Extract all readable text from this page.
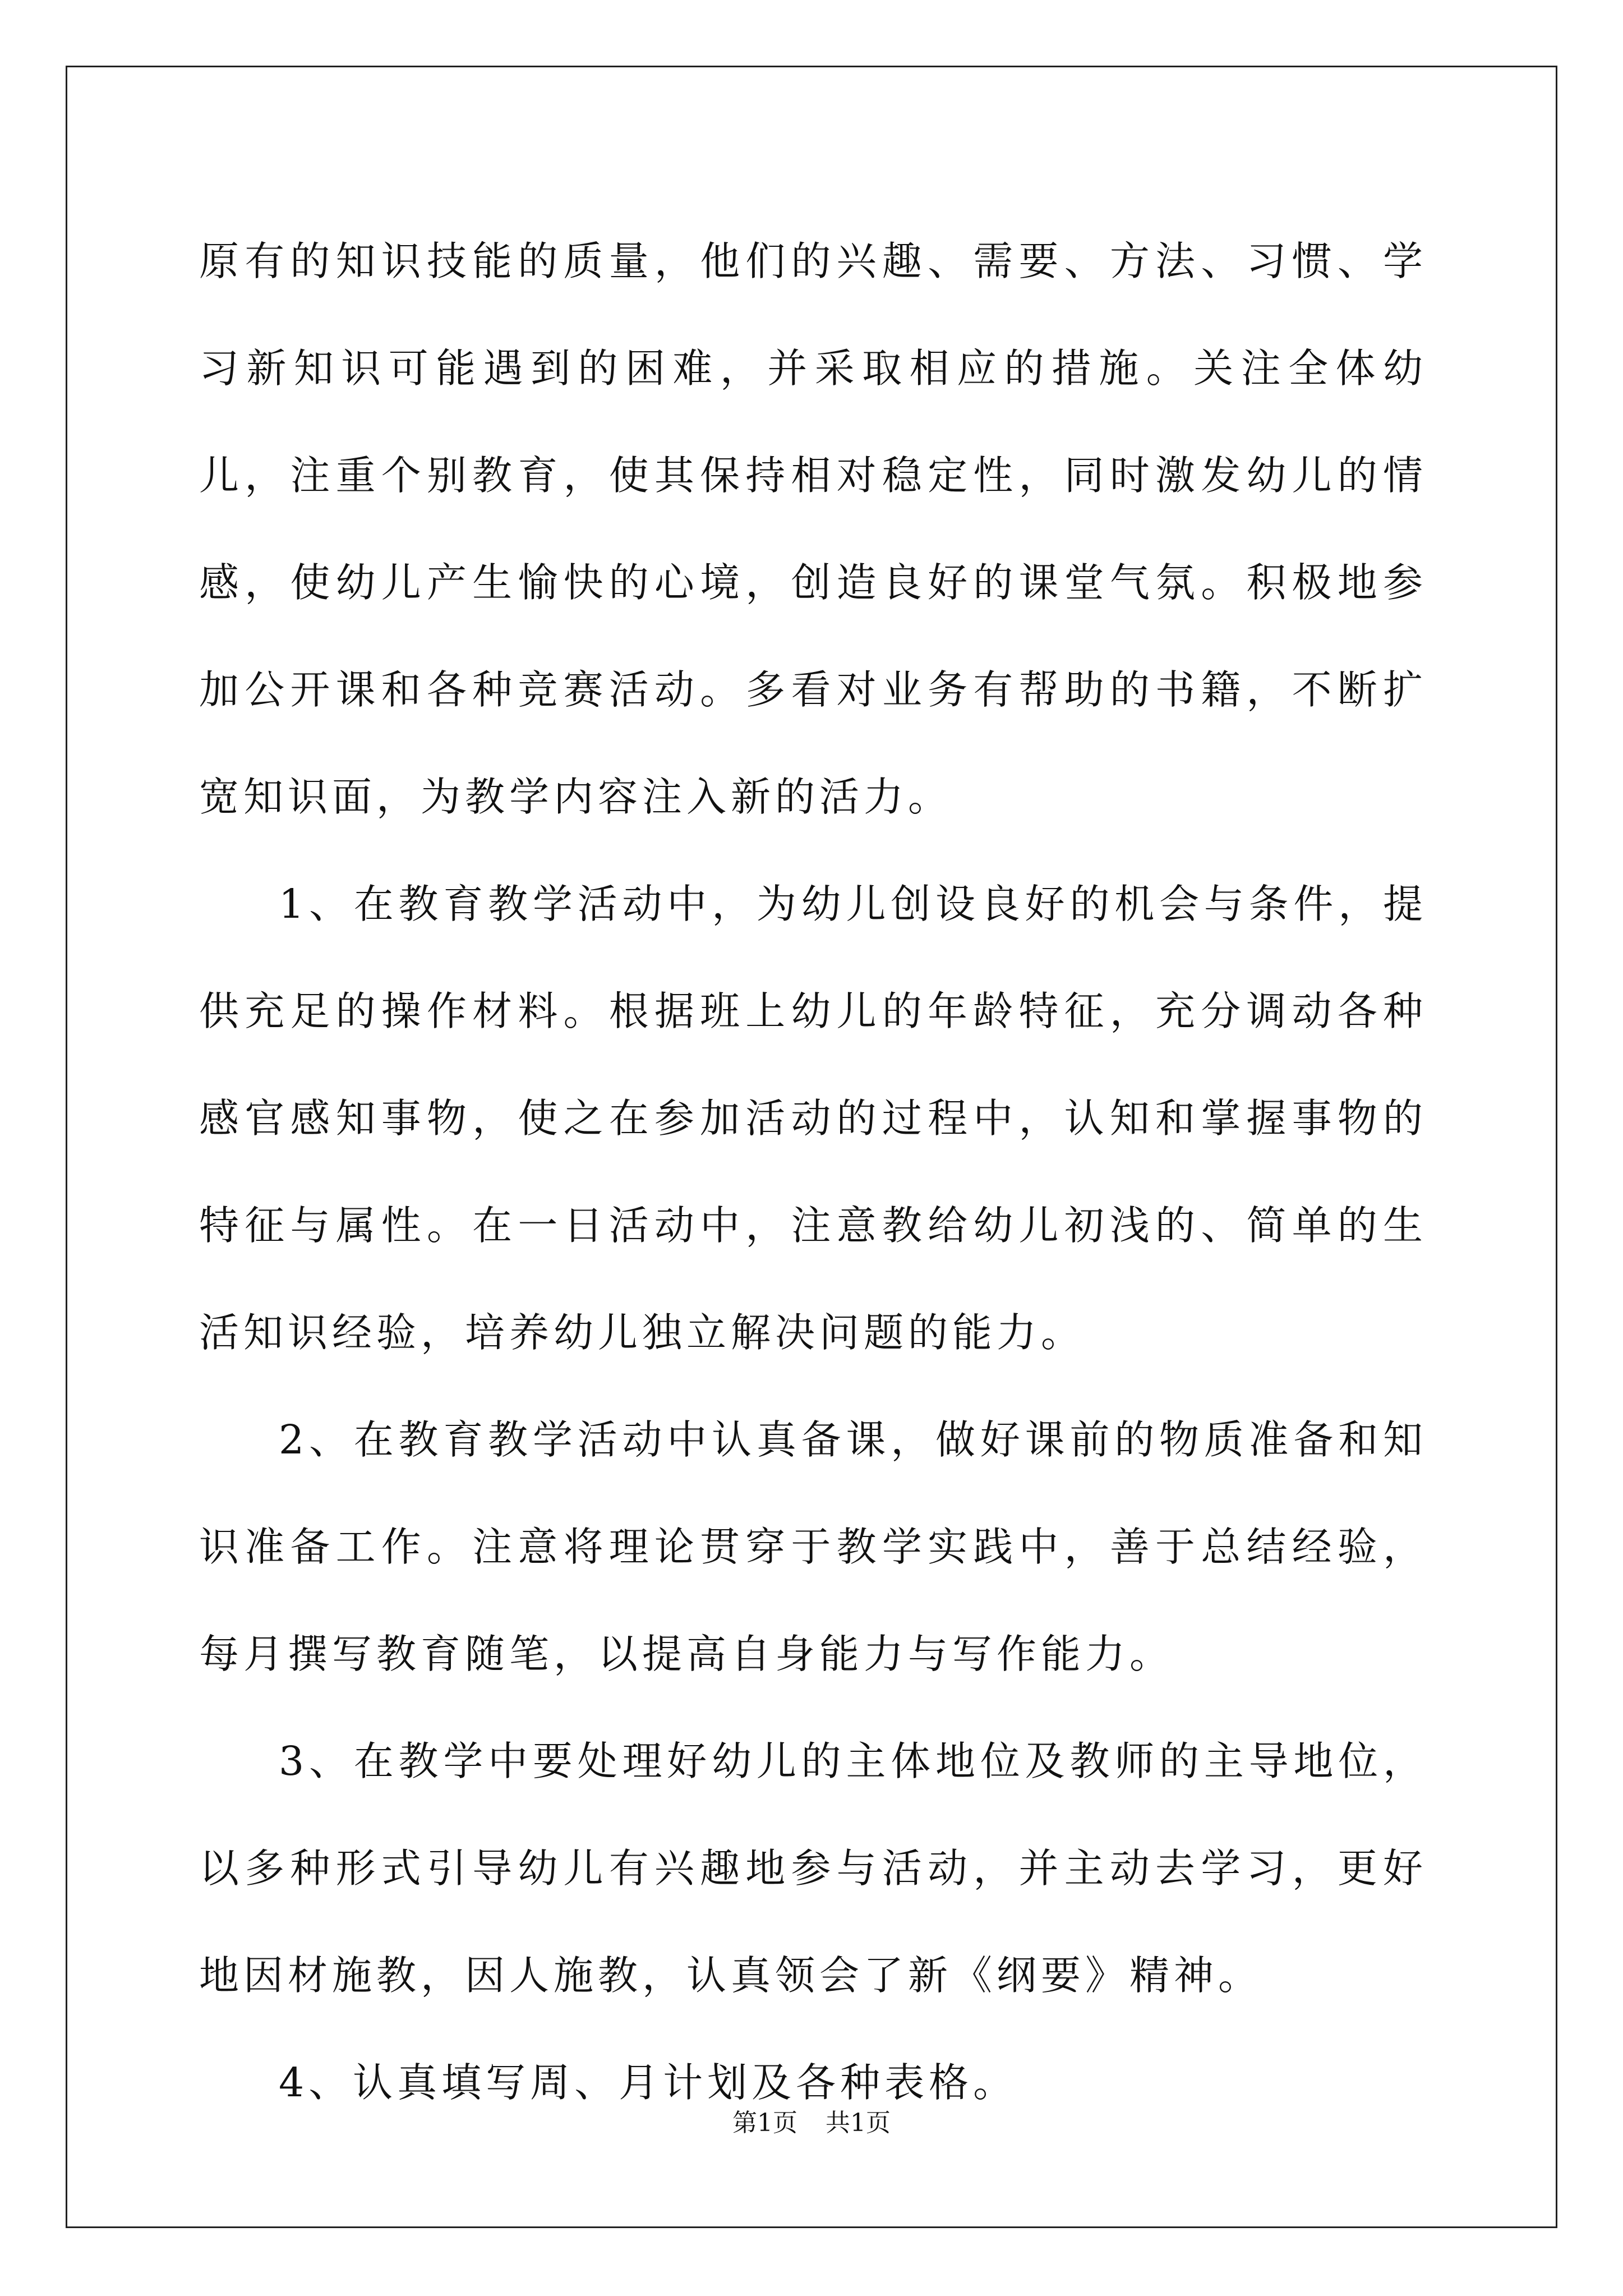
原有的知识技能的质量，他们的兴趣、需要、方法、习惯、学习新知识可能遇到的困难，并采取相应的措施。关注全体幼儿，注重个别教育，使其保持相对稳定性，同时激发幼儿的情感，使幼儿产生愉快的心境，创造良好的课堂气氛。积极地参加公开课和各种竞赛活动。多看对业务有帮助的书籍，不断扩宽知识面，为教学内容注入新的活力。

1、在教育教学活动中，为幼儿创设良好的机会与条件，提供充足的操作材料。根据班上幼儿的年龄特征，充分调动各种感官感知事物，使之在参加活动的过程中，认知和掌握事物的特征与属性。在一日活动中，注意教给幼儿初浅的、简单的生活知识经验，培养幼儿独立解决问题的能力。

2、在教育教学活动中认真备课，做好课前的物质准备和知识准备工作。注意将理论贯穿于教学实践中，善于总结经验，每月撰写教育随笔，以提高自身能力与写作能力。

3、在教学中要处理好幼儿的主体地位及教师的主导地位，以多种形式引导幼儿有兴趣地参与活动，并主动去学习，更好地因材施教，因人施教，认真领会了新《纲要》精神。

4、认真填写周、月计划及各种表格。

第1页 共1页
